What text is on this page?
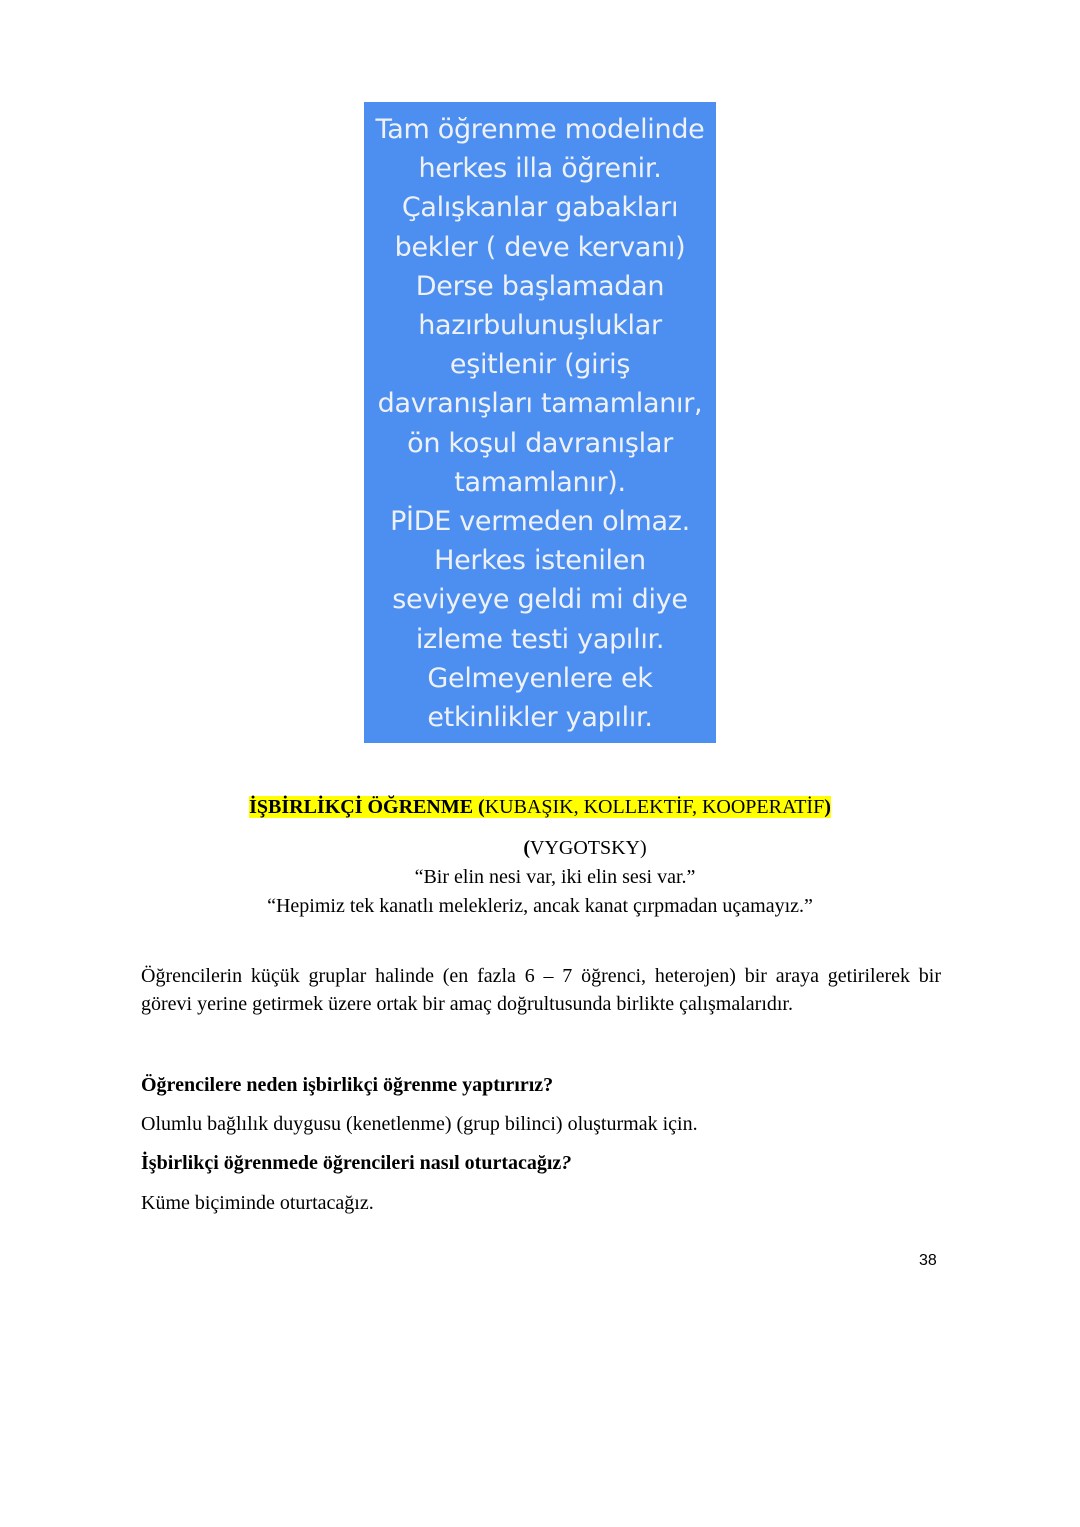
Tam öğrenme modelinde
herkes illa öğrenir.
Çalışkanlar gabakları
bekler ( deve kervanı)
Derse başlamadan
hazırbulunuşluklar
eşitlenir (giriş
davranışları tamamlanır,
ön koşul davranışlar
tamamlanır).
PİDE vermeden olmaz.
Herkes istenilen
seviyeye geldi mi diye
izleme testi yapılır.
Gelmeyenlere ek
etkinlikler yapılır.
İŞBİRLİKÇİ ÖĞRENME (KUBAŞIK, KOLLEKTİF, KOOPERATİF)
(VYGOTSKY)
“Bir elin nesi var, iki elin sesi var.”
“Hepimiz tek kanatlı melekleriz, ancak kanat çırpmadan uçamayız.”
Öğrencilerin küçük gruplar halinde (en fazla 6 – 7 öğrenci, heterojen) bir araya getirilerek bir görevi yerine getirmek üzere ortak bir amaç doğrultusunda birlikte çalışmalarıdır.
Öğrencilere neden işbirlikçi öğrenme yaptırırız?
Olumlu bağlılık duygusu (kenetlenme) (grup bilinci) oluşturmak için.
İşbirlikçi öğrenmede öğrencileri nasıl oturtacağız?
Küme biçiminde oturtacağız.
38
